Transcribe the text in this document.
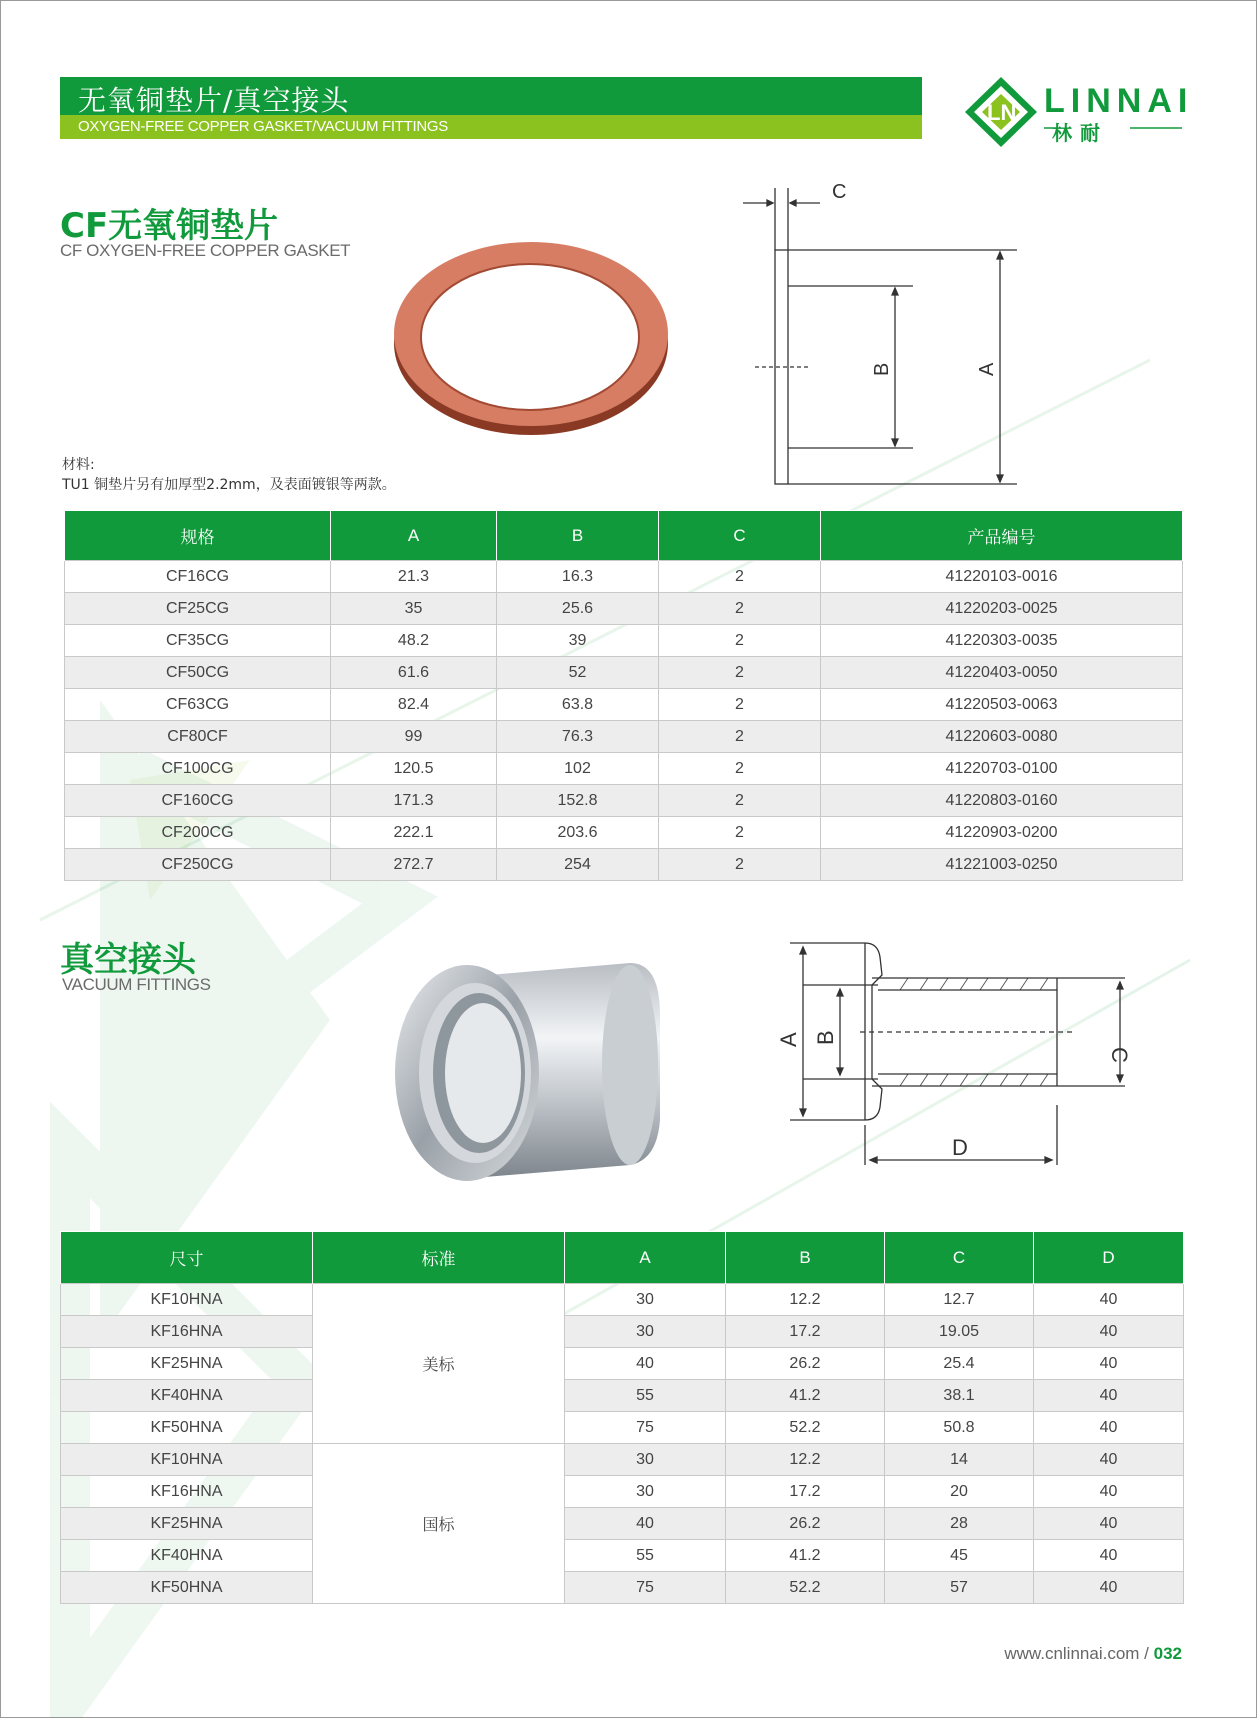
无氧铜垫片/真空接头
OXYGEN-FREE COPPER GASKET/VACUUM FITTINGS
LN LINNAI
林耐
CF无氧铜垫片
CF OXYGEN-FREE COPPER GASKET
C
B	A
材料:
TU1 铜垫片另有加厚型2.2mm，及表面镀银等两款。
规格	A	B	C	产品编号
CF16CG	21.3	16.3	2	41220103-0016
CF25CG	35	25.6	2	41220203-0025
CF35CG	48.2	39	2	41220303-0035
CF50CG	61.6	52	2	41220403-0050
CF63CG	82.4	63.8	2	41220503-0063
CF80CF	99	76.3	2	41220603-0080
CF100CG	120.5	102	2	41220703-0100
CF160CG	171.3	152.8	2	41220803-0160
CF200CG	222.1	203.6	2	41220903-0200
CF250CG	272.7	254	2	41221003-0250
真空接头
VACUUM FITTINGS
A B
C
D
尺寸	标准	A	B	C	D
KF10HNA	美标	30	12.2	12.7	40
KF16HNA		30	17.2	19.05	40
KF25HNA		40	26.2	25.4	40
KF40HNA		55	41.2	38.1	40
KF50HNA		75	52.2	50.8	40
KF10HNA	国标	30	12.2	14	40
KF16HNA		30	17.2	20	40
KF25HNA		40	26.2	28	40
KF40HNA		55	41.2	45	40
KF50HNA		75	52.2	57	40
www.cnlinnai.com / 032
